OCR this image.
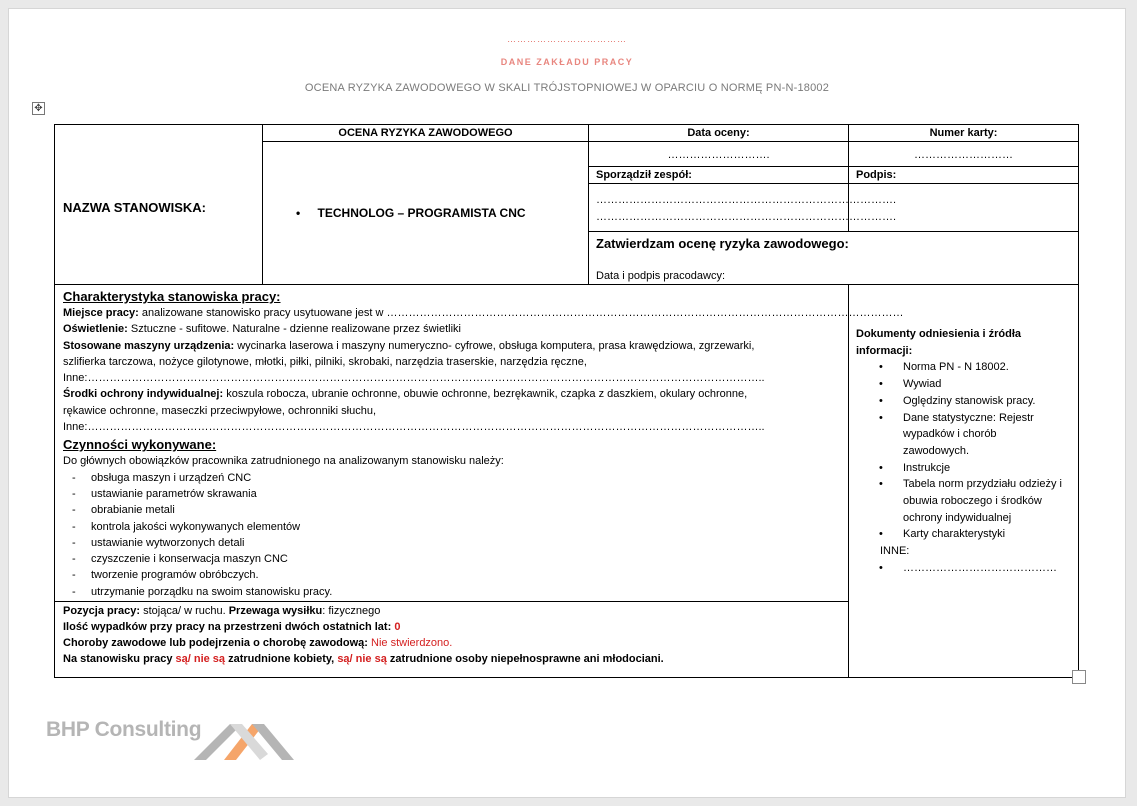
………………………………
DANE ZAKŁADU PRACY
OCENA RYZYKA ZAWODOWEGO W SKALI TRÓJSTOPNIOWEJ W OPARCIU O NORMĘ PN-N-18002
✥
NAZWA STANOWISKA:
OCENA RYZYKA ZAWODOWEGO
• TECHNOLOG – PROGRAMISTA CNC
Data oceny:
……………………….
Numer karty:
………………………
Sporządził zespół:
……………………………………………………………………….
……………………………………………………………………….
Podpis:
Zatwierdzam ocenę ryzyka zawodowego:
Data i podpis pracodawcy:

Charakterystyka stanowiska pracy:

Miejsce pracy: analizowane stanowisko pracy usytuowane jest w ……………………………………………………………………………………………………………………………

Oświetlenie: Sztuczne - sufitowe. Naturalne - dzienne realizowane przez świetliki

Stosowane maszyny urządzenia: wycinarka laserowa i maszyny numeryczno- cyfrowe, obsługa komputera, prasa krawędziowa, zgrzewarki,

szlifierka tarczowa, nożyce gilotynowe, młotki, piłki, pilniki, skrobaki, narzędzia traserskie, narzędzia ręczne,

Inne:…………………………………………………………………………………………………………………………………………………………………..

Środki ochrony indywidualnej: koszula robocza, ubranie ochronne, obuwie ochronne, bezrękawnik, czapka z daszkiem, okulary ochronne,

rękawice ochronne, maseczki przeciwpyłowe, ochronniki słuchu,

Inne:…………………………………………………………………………………………………………………………………………………………………..

Czynności wykonywane:

Do głównych obowiązków pracownika zatrudnionego na analizowanym stanowisku należy:

- obsługa maszyn i urządzeń CNC
- ustawianie parametrów skrawania
- obrabianie metali
- kontrola jakości wykonywanych elementów
- ustawianie wytworzonych detali
- czyszczenie i konserwacja maszyn CNC
- tworzenie programów obróbczych.
- utrzymanie porządku na swoim stanowisku pracy.
Dokumenty odniesienia i źródła informacji:
• Norma PN - N 18002.
• Wywiad
• Oględziny stanowisk pracy.
• Dane statystyczne: Rejestr wypadków i chorób zawodowych.
• Instrukcje
• Tabela norm przydziału odzieży i obuwia roboczego i środków ochrony indywidualnej
• Karty charakterystyki
INNE:
• ……………………………………

Pozycja pracy: stojąca/ w ruchu. Przewaga wysiłku: fizycznego

Ilość wypadków przy pracy na przestrzeni dwóch ostatnich lat: 0

Choroby zawodowe lub podejrzenia o chorobę zawodową: Nie stwierdzono.

Na stanowisku pracy są/ nie są zatrudnione kobiety, są/ nie są zatrudnione osoby niepełnosprawne ani młodociani.

BHP Consulting
